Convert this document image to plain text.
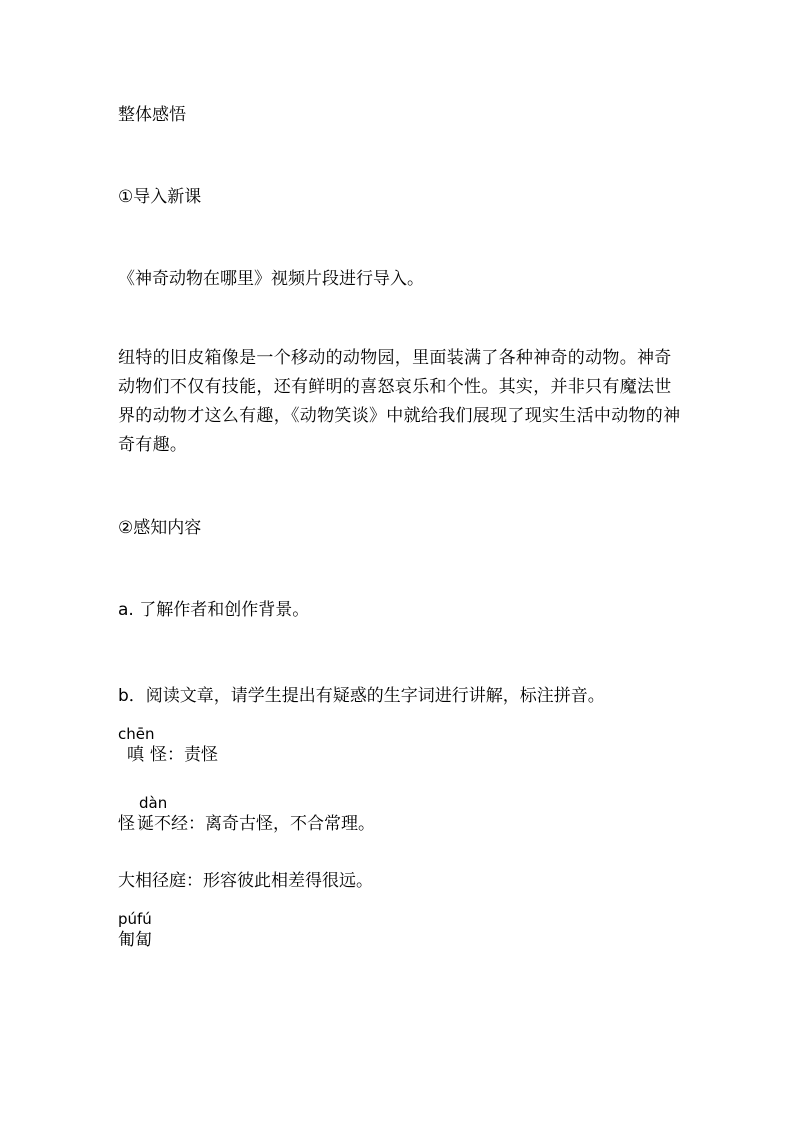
整体感悟

①导入新课

《神奇动物在哪里》视频片段进行导入。

纽特的旧皮箱像是一个移动的动物园，里面装满了各种神奇的动物。神奇动物们不仅有技能，还有鲜明的喜怒哀乐和个性。其实，并非只有魔法世界的动物才这么有趣，《动物笑谈》中就给我们展现了现实生活中动物的神奇有趣。

②感知内容

a. 了解作者和创作背景。

b．阅读文章，请学生提出有疑惑的生字词进行讲解，标注拼音。

chēn
嗔 怪：责怪
怪
dàn
诞不经：离奇古怪，不合常理。

大相径庭：形容彼此相差得很远。

púfú
匍匐
